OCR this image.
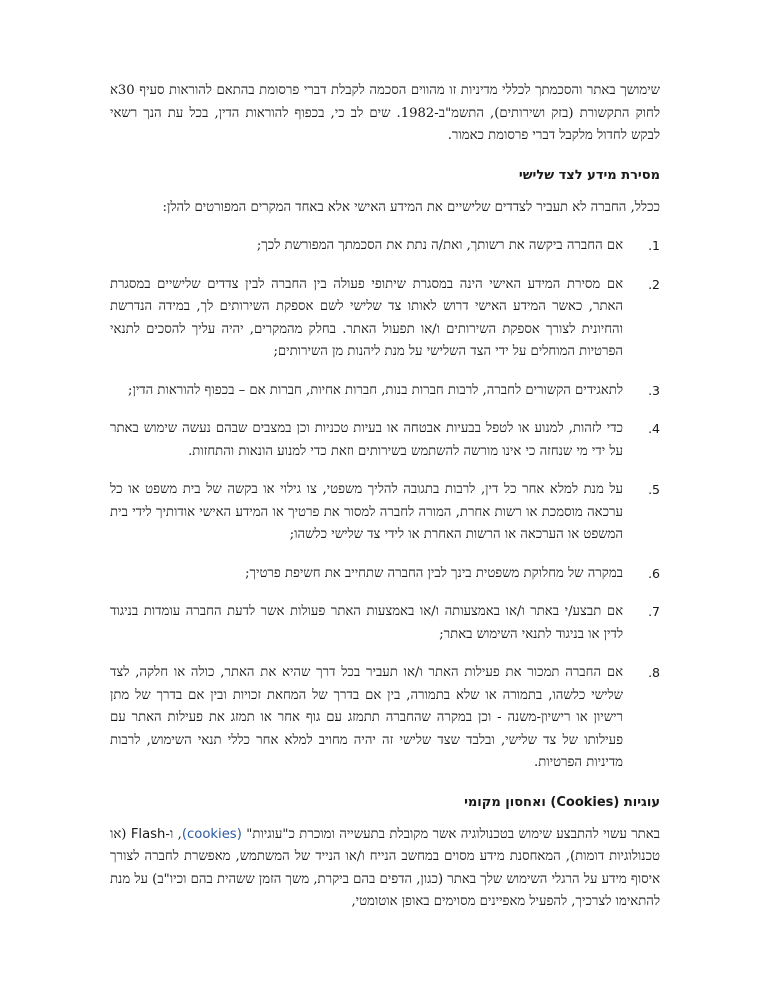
שימושך באתר והסכמתך לכללי מדיניות זו מהווים הסכמה לקבלת דברי פרסומת בהתאם להוראות סעיף 30א לחוק התקשורת (בזק ושירותים), התשמ"ב-1982. שים לב כי, בכפוף להוראות הדין, בכל עת הנך רשאי לבקש לחדול מלקבל דברי פרסומת כאמור.

מסירת מידע לצד שלישי

ככלל, החברה לא תעביר לצדדים שלישיים את המידע האישי אלא באחד המקרים המפורטים להלן:

1.
אם החברה ביקשה את רשותך, ואת/ה נתת את הסכמתך המפורשת לכך;
2.
אם מסירת המידע האישי הינה במסגרת שיתופי פעולה בין החברה לבין צדדים שלישיים במסגרת האתר, כאשר המידע האישי דרוש לאותו צד שלישי לשם אספקת השירותים לך, במידה הנדרשת והחיונית לצורך אספקת השירותים ו/או תפעול האתר. בחלק מהמקרים, יהיה עליך להסכים לתנאי הפרטיות המוחלים על ידי הצד השלישי על מנת ליהנות מן השירותים;
3.
לתאגידים הקשורים לחברה, לרבות חברות בנות, חברות אחיות, חברות אם – בכפוף להוראות הדין;
4.
כדי לזהות, למנוע או לטפל בבעיות אבטחה או בעיות טכניות וכן במצבים שבהם נעשה שימוש באתר על ידי מי שנחזה כי אינו מורשה להשתמש בשירותים וזאת כדי למנוע הונאות והתחזות.
5.
על מנת למלא אחר כל דין, לרבות בתגובה להליך משפטי, צו גילוי או בקשה של בית משפט או כל ערכאה מוסמכת או רשות אחרת, המורה לחברה למסור את פרטיך או המידע האישי אודותיך לידי בית המשפט או הערכאה או הרשות האחרת או לידי צד שלישי כלשהו;
6.
במקרה של מחלוקת משפטית בינך לבין החברה שתחייב את חשיפת פרטיך;
7.
אם תבצע/י באתר ו/או באמצעותה ו/או באמצעות האתר פעולות אשר לדעת החברה עומדות בניגוד לדין או בניגוד לתנאי השימוש באתר;
8.
אם החברה תמכור את פעילות האתר ו/או תעביר בכל דרך שהיא את האתר, כולה או חלקה, לצד שלישי כלשהו, בתמורה או שלא בתמורה, בין אם בדרך של המחאת זכויות ובין אם בדרך של מתן רישיון או רישיון-משנה - וכן במקרה שהחברה תתמזג עם גוף אחר או תמזג את פעילות האתר עם פעילותו של צד שלישי, ובלבד שצד שלישי זה יהיה מחויב למלא אחר כללי תנאי השימוש, לרבות מדיניות הפרטיות.
עוגיות (Cookies) ואחסון מקומי

באתר עשוי להתבצע שימוש בטכנולוגיה אשר מקובלת בתעשייה ומוכרת כ"עוגיות" (cookies), ו-Flash (או טכנולוגיות דומות), המאחסנת מידע מסוים במחשב הנייח ו/או הנייד של המשתמש, מאפשרת לחברה לצורך איסוף מידע על הרגלי השימוש שלך באתר (כגון, הדפים בהם ביקרת, משך הזמן ששהית בהם וכיו"ב) על מנת להתאימו לצרכיך, להפעיל מאפיינים מסוימים באופן אוטומטי,
